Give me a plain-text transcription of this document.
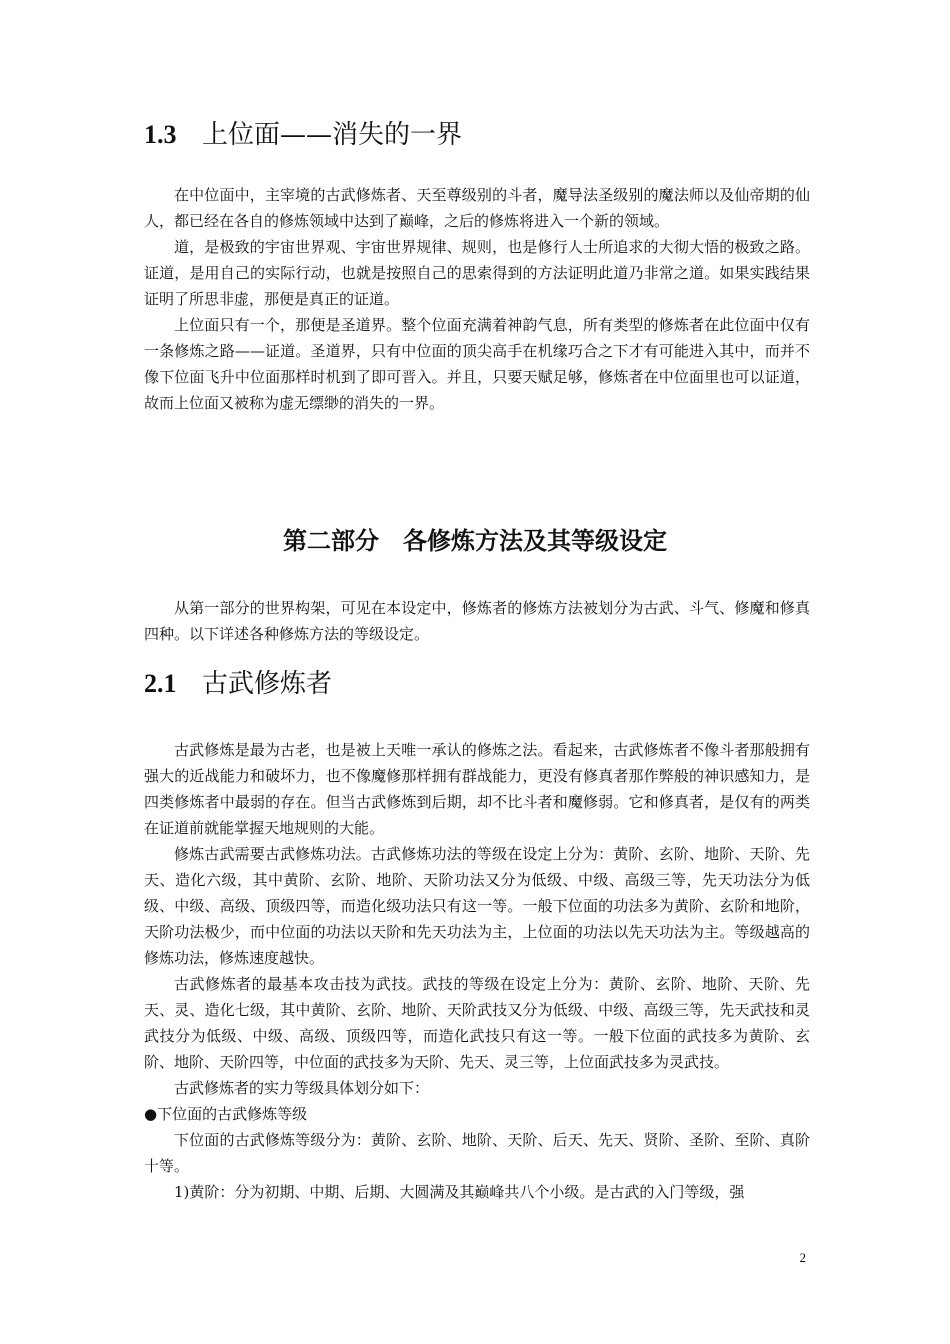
1.3 上位面——消失的一界

在中位面中，主宰境的古武修炼者、天至尊级别的斗者，魔导法圣级别的魔法师以及仙帝期的仙人，都已经在各自的修炼领域中达到了巅峰，之后的修炼将进入一个新的领域。

道，是极致的宇宙世界观、宇宙世界规律、规则，也是修行人士所追求的大彻大悟的极致之路。证道，是用自己的实际行动，也就是按照自己的思索得到的方法证明此道乃非常之道。如果实践结果证明了所思非虚，那便是真正的证道。

上位面只有一个，那便是圣道界。整个位面充满着神韵气息，所有类型的修炼者在此位面中仅有一条修炼之路——证道。圣道界，只有中位面的顶尖高手在机缘巧合之下才有可能进入其中，而并不像下位面飞升中位面那样时机到了即可晋入。并且，只要天赋足够，修炼者在中位面里也可以证道，故而上位面又被称为虚无缥缈的消失的一界。

第二部分　各修炼方法及其等级设定

从第一部分的世界构架，可见在本设定中，修炼者的修炼方法被划分为古武、斗气、修魔和修真四种。以下详述各种修炼方法的等级设定。

2.1 古武修炼者

古武修炼是最为古老，也是被上天唯一承认的修炼之法。看起来，古武修炼者不像斗者那般拥有强大的近战能力和破坏力，也不像魔修那样拥有群战能力，更没有修真者那作弊般的神识感知力，是四类修炼者中最弱的存在。但当古武修炼到后期，却不比斗者和魔修弱。它和修真者，是仅有的两类在证道前就能掌握天地规则的大能。

修炼古武需要古武修炼功法。古武修炼功法的等级在设定上分为：黄阶、玄阶、地阶、天阶、先天、造化六级，其中黄阶、玄阶、地阶、天阶功法又分为低级、中级、高级三等，先天功法分为低级、中级、高级、顶级四等，而造化级功法只有这一等。一般下位面的功法多为黄阶、玄阶和地阶，天阶功法极少，而中位面的功法以天阶和先天功法为主，上位面的功法以先天功法为主。等级越高的修炼功法，修炼速度越快。

古武修炼者的最基本攻击技为武技。武技的等级在设定上分为：黄阶、玄阶、地阶、天阶、先天、灵、造化七级，其中黄阶、玄阶、地阶、天阶武技又分为低级、中级、高级三等，先天武技和灵武技分为低级、中级、高级、顶级四等，而造化武技只有这一等。一般下位面的武技多为黄阶、玄阶、地阶、天阶四等，中位面的武技多为天阶、先天、灵三等，上位面武技多为灵武技。

古武修炼者的实力等级具体划分如下：

●下位面的古武修炼等级

下位面的古武修炼等级分为：黄阶、玄阶、地阶、天阶、后天、先天、贤阶、圣阶、至阶、真阶十等。

1)黄阶：分为初期、中期、后期、大圆满及其巅峰共八个小级。是古武的入门等级，强

2
